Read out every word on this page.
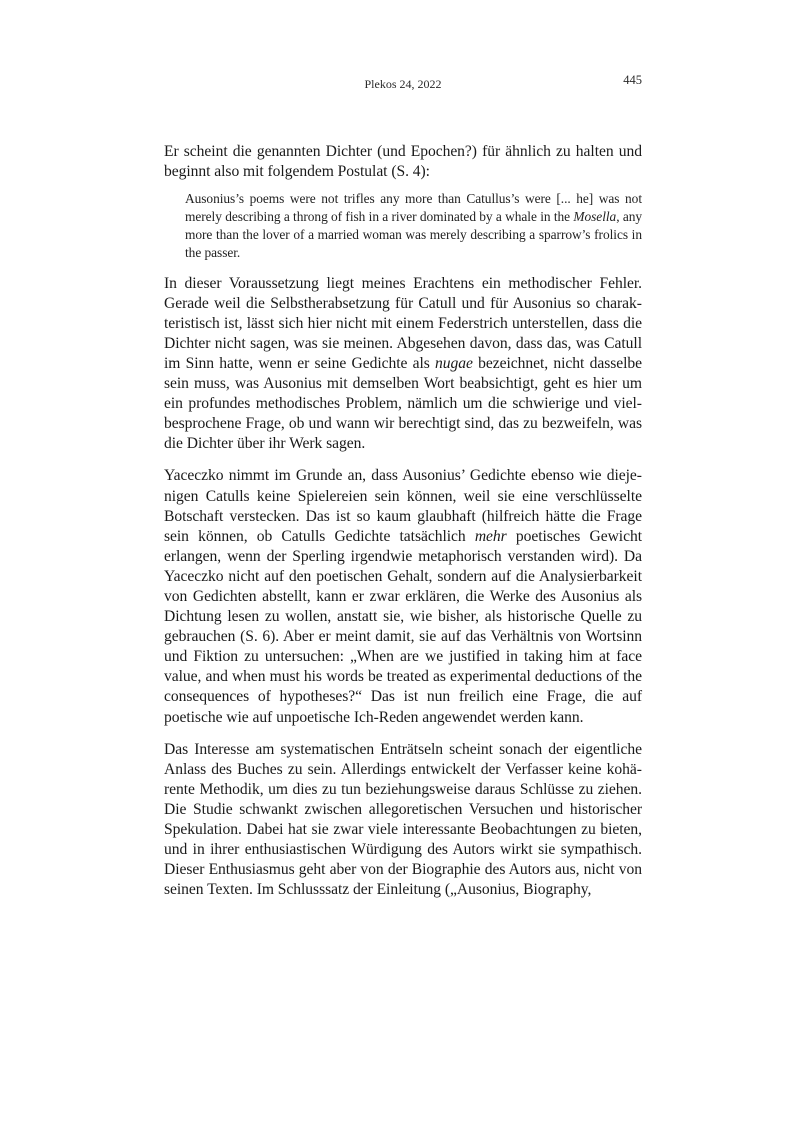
Plekos 24, 2022	445

Er scheint die genannten Dichter (und Epochen?) für ähnlich zu halten und beginnt also mit folgendem Postulat (S. 4):

Ausonius’s poems were not trifles any more than Catullus’s were [... he] was not merely describing a throng of fish in a river dominated by a whale in the Mosella, any more than the lover of a married woman was merely describing a sparrow’s frolics in the passer.

In dieser Voraussetzung liegt meines Erachtens ein methodischer Fehler. Gerade weil die Selbstherabsetzung für Catull und für Ausonius so charakteristisch ist, lässt sich hier nicht mit einem Federstrich unterstellen, dass die Dichter nicht sagen, was sie meinen. Abgesehen davon, dass das, was Catull im Sinn hatte, wenn er seine Gedichte als nugae bezeichnet, nicht dasselbe sein muss, was Ausonius mit demselben Wort beabsichtigt, geht es hier um ein profundes methodisches Problem, nämlich um die schwierige und vielbesprochene Frage, ob und wann wir berechtigt sind, das zu bezweifeln, was die Dichter über ihr Werk sagen.

Yaceczko nimmt im Grunde an, dass Ausonius’ Gedichte ebenso wie diejenigen Catulls keine Spielereien sein können, weil sie eine verschlüsselte Botschaft verstecken. Das ist so kaum glaubhaft (hilfreich hätte die Frage sein können, ob Catulls Gedichte tatsächlich mehr poetisches Gewicht erlangen, wenn der Sperling irgendwie metaphorisch verstanden wird). Da Yaceczko nicht auf den poetischen Gehalt, sondern auf die Analysierbarkeit von Gedichten abstellt, kann er zwar erklären, die Werke des Ausonius als Dichtung lesen zu wollen, anstatt sie, wie bisher, als historische Quelle zu gebrauchen (S. 6). Aber er meint damit, sie auf das Verhältnis von Wortsinn und Fiktion zu untersuchen: „When are we justified in taking him at face value, and when must his words be treated as experimental deductions of the consequences of hypotheses?“ Das ist nun freilich eine Frage, die auf poetische wie auf unpoetische Ich-Reden angewendet werden kann.

Das Interesse am systematischen Enträtseln scheint sonach der eigentliche Anlass des Buches zu sein. Allerdings entwickelt der Verfasser keine kohärente Methodik, um dies zu tun beziehungsweise daraus Schlüsse zu ziehen. Die Studie schwankt zwischen allegoretischen Versuchen und historischer Spekulation. Dabei hat sie zwar viele interessante Beobachtungen zu bieten, und in ihrer enthusiastischen Würdigung des Autors wirkt sie sympathisch. Dieser Enthusiasmus geht aber von der Biographie des Autors aus, nicht von seinen Texten. Im Schlusssatz der Einleitung („Ausonius, Biography,
